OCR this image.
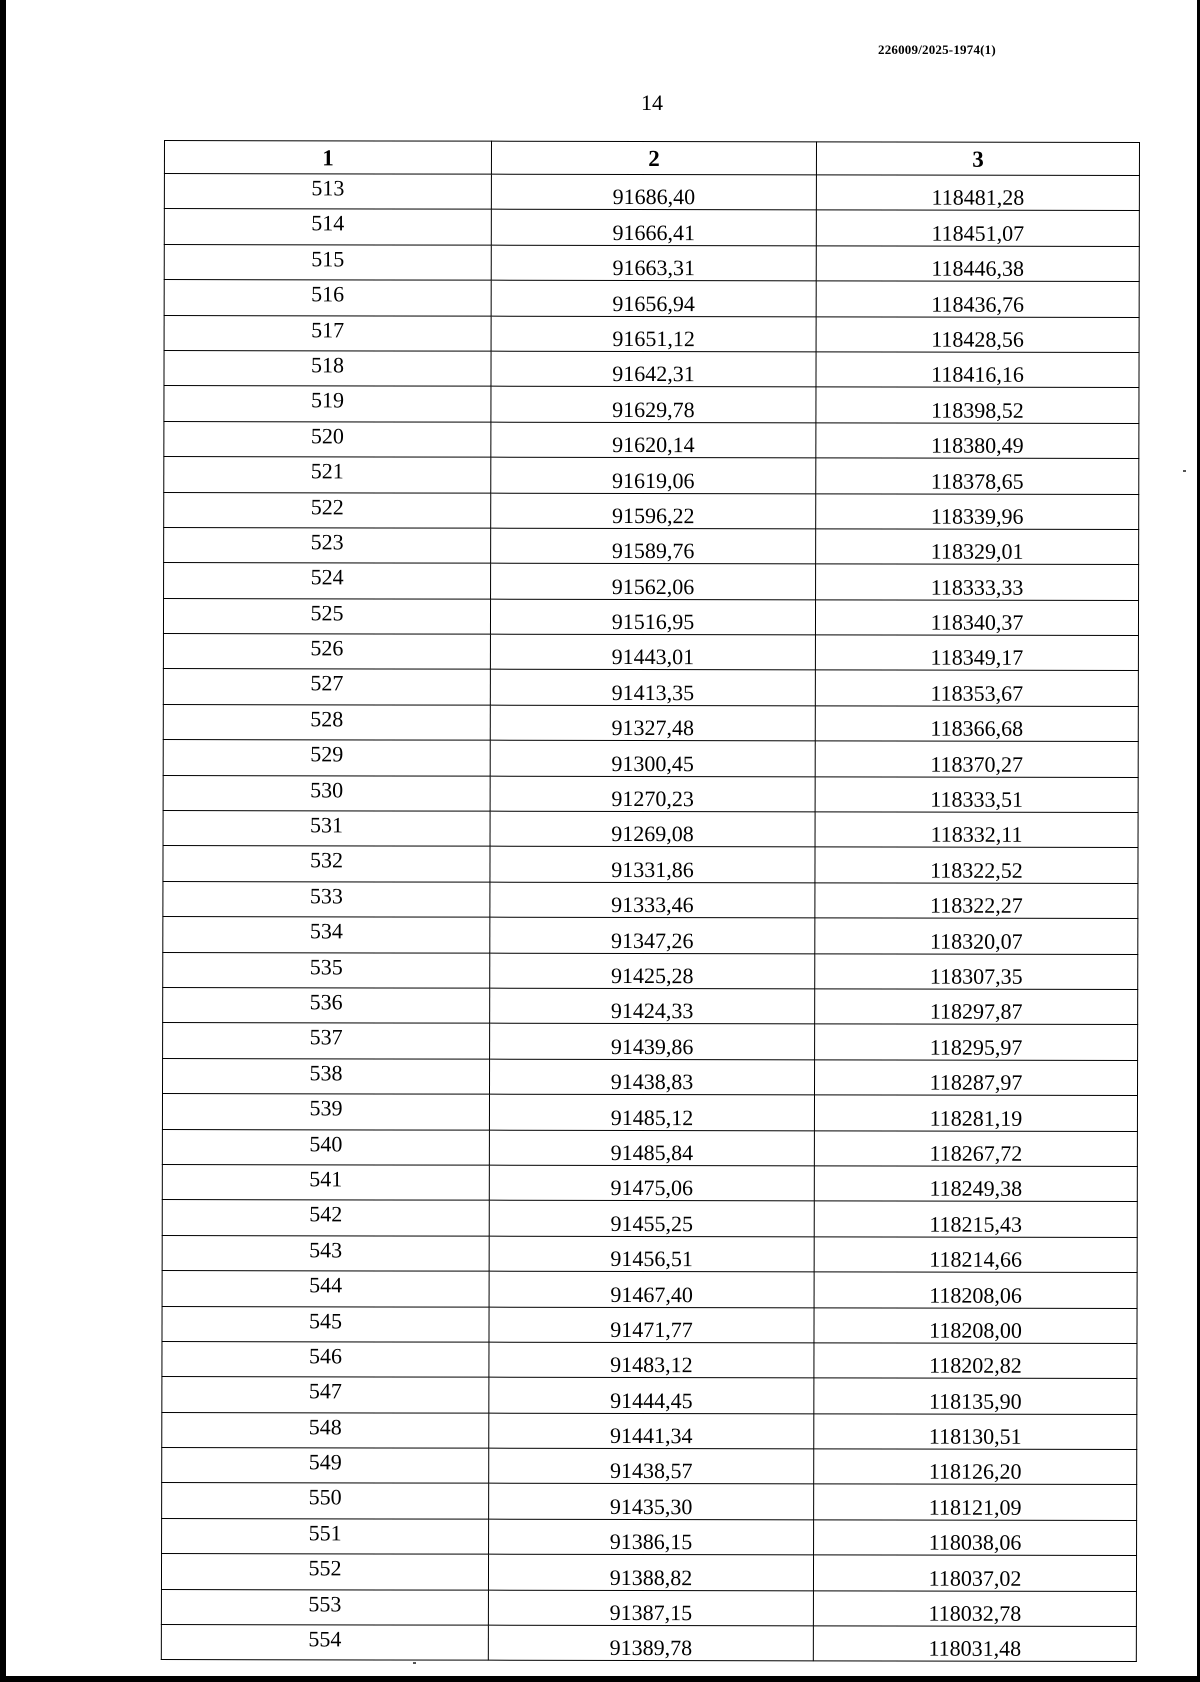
226009/2025-1974(1)
14
1	2	3
513	91686,40	118481,28
514	91666,41	118451,07
515	91663,31	118446,38
516	91656,94	118436,76
517	91651,12	118428,56
518	91642,31	118416,16
519	91629,78	118398,52
520	91620,14	118380,49
521	91619,06	118378,65
522	91596,22	118339,96
523	91589,76	118329,01
524	91562,06	118333,33
525	91516,95	118340,37
526	91443,01	118349,17
527	91413,35	118353,67
528	91327,48	118366,68
529	91300,45	118370,27
530	91270,23	118333,51
531	91269,08	118332,11
532	91331,86	118322,52
533	91333,46	118322,27
534	91347,26	118320,07
535	91425,28	118307,35
536	91424,33	118297,87
537	91439,86	118295,97
538	91438,83	118287,97
539	91485,12	118281,19
540	91485,84	118267,72
541	91475,06	118249,38
542	91455,25	118215,43
543	91456,51	118214,66
544	91467,40	118208,06
545	91471,77	118208,00
546	91483,12	118202,82
547	91444,45	118135,90
548	91441,34	118130,51
549	91438,57	118126,20
550	91435,30	118121,09
551	91386,15	118038,06
552	91388,82	118037,02
553	91387,15	118032,78
554	91389,78	118031,48
